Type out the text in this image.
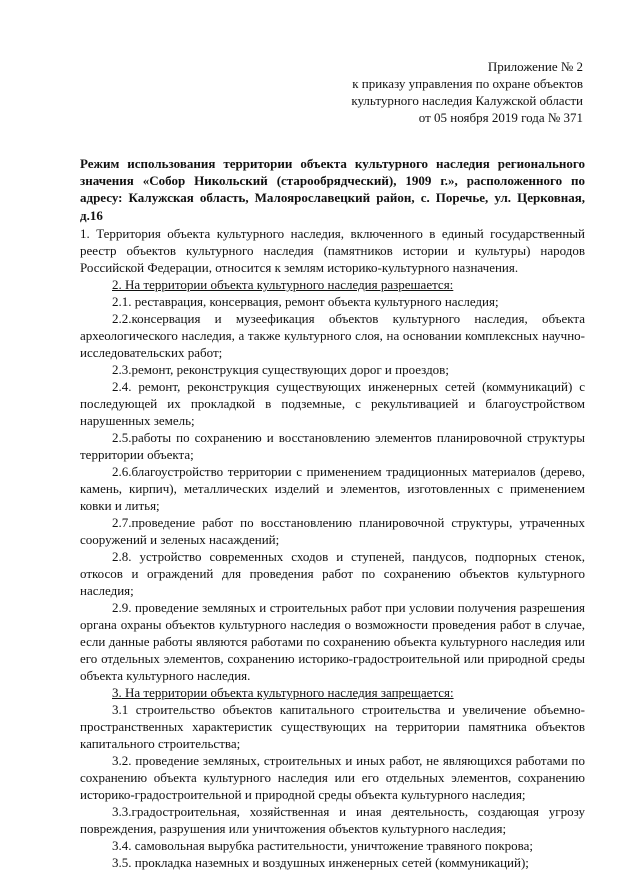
Приложение № 2
к приказу управления по охране объектов
культурного наследия Калужской области
от 05 ноября 2019 года № 371
Режим использования территории объекта культурного наследия регионального значения «Собор Никольский (старообрядческий), 1909 г.», расположенного по адресу: Калужская область, Малоярославецкий район, с. Поречье, ул. Церковная, д.16

1. Территория объекта культурного наследия, включенного в единый государственный реестр объектов культурного наследия (памятников истории и культуры) народов Российской Федерации, относится к землям историко-культурного назначения.

2. На территории объекта культурного наследия разрешается:

2.1. реставрация, консервация, ремонт объекта культурного наследия;

2.2.консервация и музеефикация объектов культурного наследия, объекта археологического наследия, а также культурного слоя, на основании комплексных научно-исследовательских работ;

2.3.ремонт, реконструкция существующих дорог и проездов;

2.4. ремонт, реконструкция существующих инженерных сетей (коммуникаций) с последующей их прокладкой в подземные, с рекультивацией и благоустройством нарушенных земель;

2.5.работы по сохранению и восстановлению элементов планировочной структуры территории объекта;

2.6.благоустройство территории с применением традиционных материалов (дерево, камень, кирпич), металлических изделий и элементов, изготовленных с применением ковки и литья;

2.7.проведение работ по восстановлению планировочной структуры, утраченных сооружений и зеленых насаждений;

2.8. устройство современных сходов и ступеней, пандусов, подпорных стенок, откосов и ограждений для проведения работ по сохранению объектов культурного наследия;

2.9. проведение земляных и строительных работ при условии получения разрешения органа охраны объектов культурного наследия о возможности проведения работ в случае, если данные работы являются работами по сохранению объекта культурного наследия или его отдельных элементов, сохранению историко-градостроительной или природной среды объекта культурного наследия.

3. На территории объекта культурного наследия запрещается:

3.1 строительство объектов капитального строительства и увеличение объемно-пространственных характеристик существующих на территории памятника объектов капитального строительства;

3.2. проведение земляных, строительных и иных работ, не являющихся работами по сохранению объекта культурного наследия или его отдельных элементов, сохранению историко-градостроительной и природной среды объекта культурного наследия;

3.3.градостроительная, хозяйственная и иная деятельность, создающая угрозу повреждения, разрушения или уничтожения объектов культурного наследия;

3.4. самовольная вырубка растительности, уничтожение травяного покрова;

3.5. прокладка наземных и воздушных инженерных сетей (коммуникаций);
